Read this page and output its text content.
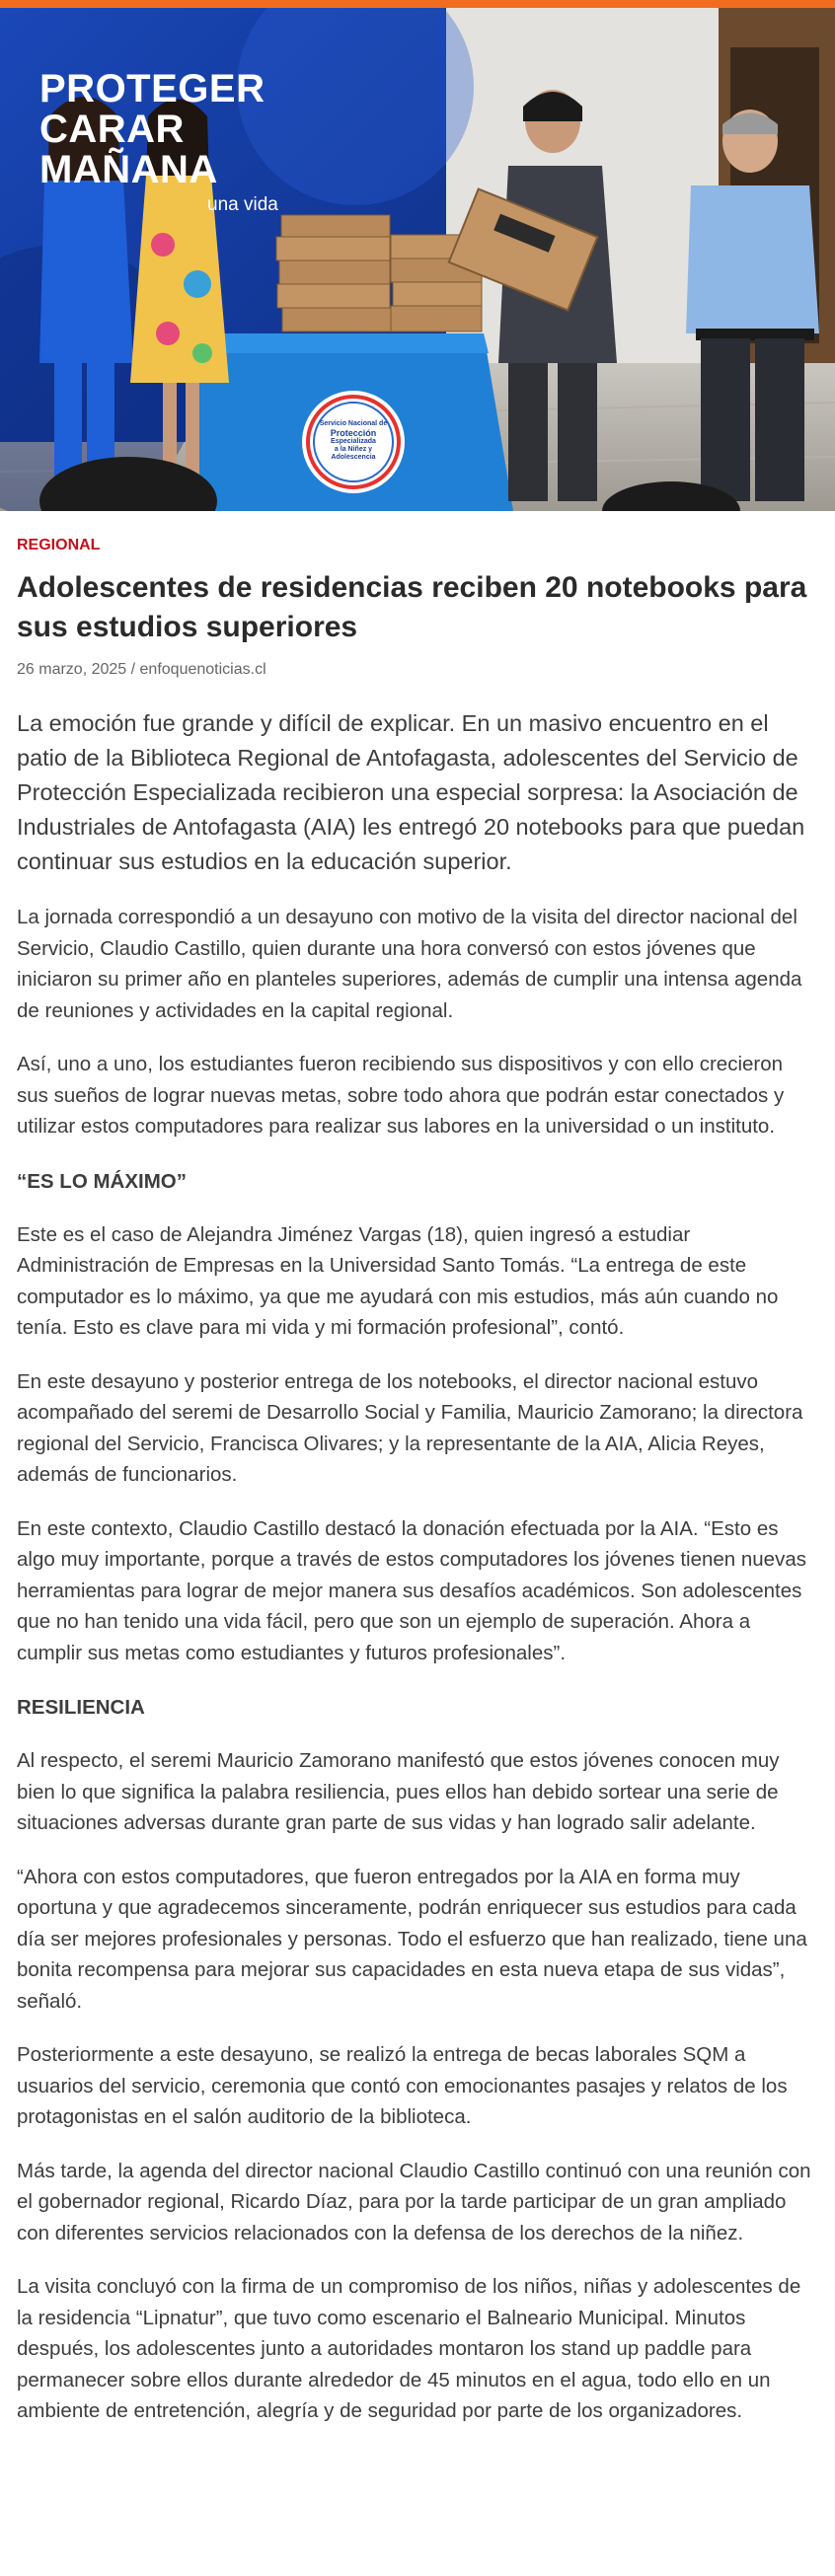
PROTEGER
CARAR
MAÑANA
una vida
Servicio Nacional de
Protección
Especializada
a la Niñez y
Adolescencia
REGIONAL
Adolescentes de residencias reciben 20 notebooks para sus estudios superiores
26 marzo, 2025 / enfoquenoticias.cl

La emoción fue grande y difícil de explicar. En un masivo encuentro en el patio de la Biblioteca Regional de Antofagasta, adolescentes del Servicio de Protección Especializada recibieron una especial sorpresa: la Asociación de Industriales de Antofagasta (AIA) les entregó 20 notebooks para que puedan continuar sus estudios en la educación superior.

La jornada correspondió a un desayuno con motivo de la visita del director nacional del Servicio, Claudio Castillo, quien durante una hora conversó con estos jóvenes que iniciaron su primer año en planteles superiores, además de cumplir una intensa agenda de reuniones y actividades en la capital regional.

Así, uno a uno, los estudiantes fueron recibiendo sus dispositivos y con ello crecieron sus sueños de lograr nuevas metas, sobre todo ahora que podrán estar conectados y utilizar estos computadores para realizar sus labores en la universidad o un instituto.

“ES LO MÁXIMO”

Este es el caso de Alejandra Jiménez Vargas (18), quien ingresó a estudiar Administración de Empresas en la Universidad Santo Tomás. “La entrega de este computador es lo máximo, ya que me ayudará con mis estudios, más aún cuando no tenía. Esto es clave para mi vida y mi formación profesional”, contó.

En este desayuno y posterior entrega de los notebooks, el director nacional estuvo acompañado del seremi de Desarrollo Social y Familia, Mauricio Zamorano; la directora regional del Servicio, Francisca Olivares; y la representante de la AIA, Alicia Reyes, además de funcionarios.

En este contexto, Claudio Castillo destacó la donación efectuada por la AIA. “Esto es algo muy importante, porque a través de estos computadores los jóvenes tienen nuevas herramientas para lograr de mejor manera sus desafíos académicos. Son adolescentes que no han tenido una vida fácil, pero que son un ejemplo de superación. Ahora a cumplir sus metas como estudiantes y futuros profesionales”.

RESILIENCIA

Al respecto, el seremi Mauricio Zamorano manifestó que estos jóvenes conocen muy bien lo que significa la palabra resiliencia, pues ellos han debido sortear una serie de situaciones adversas durante gran parte de sus vidas y han logrado salir adelante.

“Ahora con estos computadores, que fueron entregados por la AIA en forma muy oportuna y que agradecemos sinceramente, podrán enriquecer sus estudios para cada día ser mejores profesionales y personas. Todo el esfuerzo que han realizado, tiene una bonita recompensa para mejorar sus capacidades en esta nueva etapa de sus vidas”, señaló.

Posteriormente a este desayuno, se realizó la entrega de becas laborales SQM a usuarios del servicio, ceremonia que contó con emocionantes pasajes y relatos de los protagonistas en el salón auditorio de la biblioteca.

Más tarde, la agenda del director nacional Claudio Castillo continuó con una reunión con el gobernador regional, Ricardo Díaz, para por la tarde participar de un gran ampliado con diferentes servicios relacionados con la defensa de los derechos de la niñez.

La visita concluyó con la firma de un compromiso de los niños, niñas y adolescentes de la residencia “Lipnatur”, que tuvo como escenario el Balneario Municipal. Minutos después, los adolescentes junto a autoridades montaron los stand up paddle para permanecer sobre ellos durante alrededor de 45 minutos en el agua, todo ello en un ambiente de entretención, alegría y de seguridad por parte de los organizadores.
